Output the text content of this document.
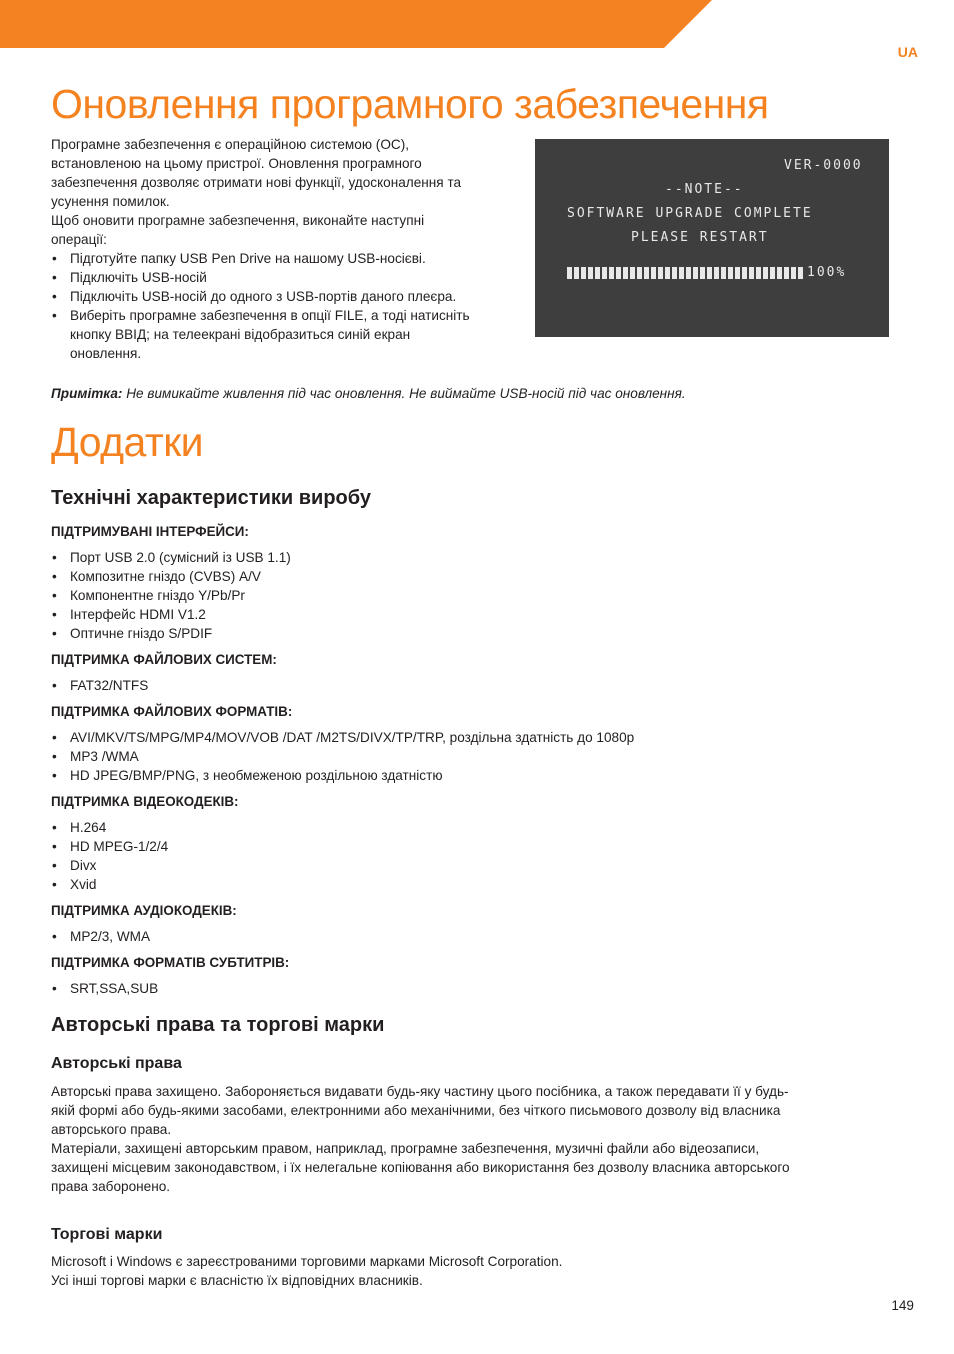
UA
Оновлення програмного забезпечення

Програмне забезпечення є операційною системою (ОС),

встановленою на цьому пристрої. Оновлення програмного

забезпечення дозволяє отримати нові функції, удосконалення та

усунення помилок.

Щоб оновити програмне забезпечення, виконайте наступні

операції:

• Підготуйте папку USB Pen Drive на нашому USB-носієві.
• Підключіть USB-носій
• Підключіть USB-носій до одного з USB-портів даного плеєра.
• Виберіть програмне забезпечення в опції FILE, а тоді натисніть
кнопку ВВІД; на телеекрані відобразиться синій екран
оновлення.
VER-0000
--NOTE--
SOFTWARE UPGRADE COMPLETE
PLEASE RESTART
100%
Примітка: Не вимикайте живлення під час оновлення. Не виймайте USB-носій під час оновлення.
Додатки
Технічні характеристики виробу

ПІДТРИМУВАНІ ІНТЕРФЕЙСИ:

• Порт USB 2.0 (сумісний із USB 1.1)
• Композитне гніздо (CVBS) A/V
• Компонентне гніздо Y/Pb/Pr
• Інтерфейс HDMI V1.2
• Оптичне гніздо S/PDIF

ПІДТРИМКА ФАЙЛОВИХ СИСТЕМ:

• FAT32/NTFS

ПІДТРИМКА ФАЙЛОВИХ ФОРМАТІВ:

• AVI/MKV/TS/MPG/MP4/MOV/VOB /DAT /M2TS/DIVX/TP/TRP, роздільна здатність до 1080p
• MP3 /WMA
• HD JPEG/BMP/PNG, з необмеженою роздільною здатністю

ПІДТРИМКА ВІДЕОКОДЕКІВ:

• H.264
• HD MPEG-1/2/4
• Divx
• Xvid

ПІДТРИМКА АУДІОКОДЕКІВ:

• MP2/3, WMA

ПІДТРИМКА ФОРМАТІВ СУБТИТРІВ:

• SRT,SSA,SUB
Авторські права та торгові марки
Авторські права

Авторські права захищено. Забороняється видавати будь-яку частину цього посібника, а також передавати її у будь-

якій формі або будь-якими засобами, електронними або механічними, без чіткого письмового дозволу від власника

авторського права.

Матеріали, захищені авторським правом, наприклад, програмне забезпечення, музичні файли або відеозаписи,

захищені місцевим законодавством, і їх нелегальне копіювання або використання без дозволу власника авторського

права заборонено.

Торгові марки

Microsoft і Windows є зареєстрованими торговими марками Microsoft Corporation.

Усі інші торгові марки є власністю їх відповідних власників.

149
